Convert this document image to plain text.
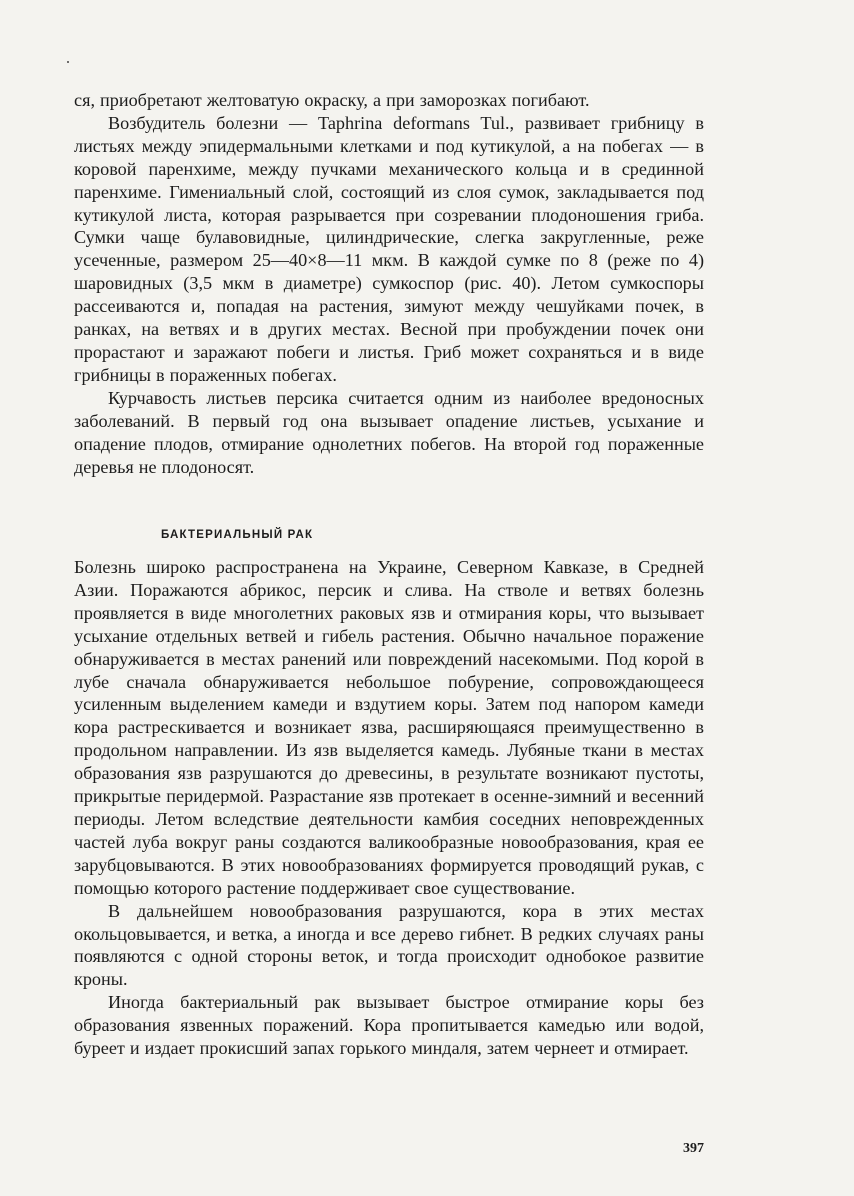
ся, приобретают желтоватую окраску, а при заморозках погибают.

Возбудитель болезни — Taphrina deformans Tul., развивает грибницу в листьях между эпидермальными клетками и под кутикулой, а на побегах — в коровой паренхиме, между пучками механического кольца и в срединной паренхиме. Гимениальный слой, состоящий из слоя сумок, закладывается под кутикулой листа, которая разрывается при созревании плодоношения гриба. Сумки чаще булавовидные, цилиндрические, слегка закругленные, реже усеченные, размером 25—40×8—11 мкм. В каждой сумке по 8 (реже по 4) шаровидных (3,5 мкм в диаметре) сумкоспор (рис. 40). Летом сумкоспоры рассеиваются и, попадая на растения, зимуют между чешуйками почек, в ранках, на ветвях и в других местах. Весной при пробуждении почек они прорастают и заражают побеги и листья. Гриб может сохраняться и в виде грибницы в пораженных побегах.

Курчавость листьев персика считается одним из наиболее вредоносных заболеваний. В первый год она вызывает опадение листьев, усыхание и опадение плодов, отмирание однолетних побегов. На второй год пораженные деревья не плодоносят.

БАКТЕРИАЛЬНЫЙ РАК

Болезнь широко распространена на Украине, Северном Кавказе, в Средней Азии. Поражаются абрикос, персик и слива. На стволе и ветвях болезнь проявляется в виде многолетних раковых язв и отмирания коры, что вызывает усыхание отдельных ветвей и гибель растения. Обычно начальное поражение обнаруживается в местах ранений или повреждений насекомыми. Под корой в лубе сначала обнаруживается небольшое побурение, сопровождающееся усиленным выделением камеди и вздутием коры. Затем под напором камеди кора растрескивается и возникает язва, расширяющаяся преимущественно в продольном направлении. Из язв выделяется камедь. Лубяные ткани в местах образования язв разрушаются до древесины, в результате возникают пустоты, прикрытые перидермой. Разрастание язв протекает в осенне-зимний и весенний периоды. Летом вследствие деятельности камбия соседних неповрежденных частей луба вокруг раны создаются валикообразные новообразования, края ее зарубцовываются. В этих новообразованиях формируется проводящий рукав, с помощью которого растение поддерживает свое существование.

В дальнейшем новообразования разрушаются, кора в этих местах окольцовывается, и ветка, а иногда и все дерево гибнет. В редких случаях раны появляются с одной стороны веток, и тогда происходит однобокое развитие кроны.

Иногда бактериальный рак вызывает быстрое отмирание коры без образования язвенных поражений. Кора пропитывается камедью или водой, буреет и издает прокисший запах горького миндаля, затем чернеет и отмирает.

397
